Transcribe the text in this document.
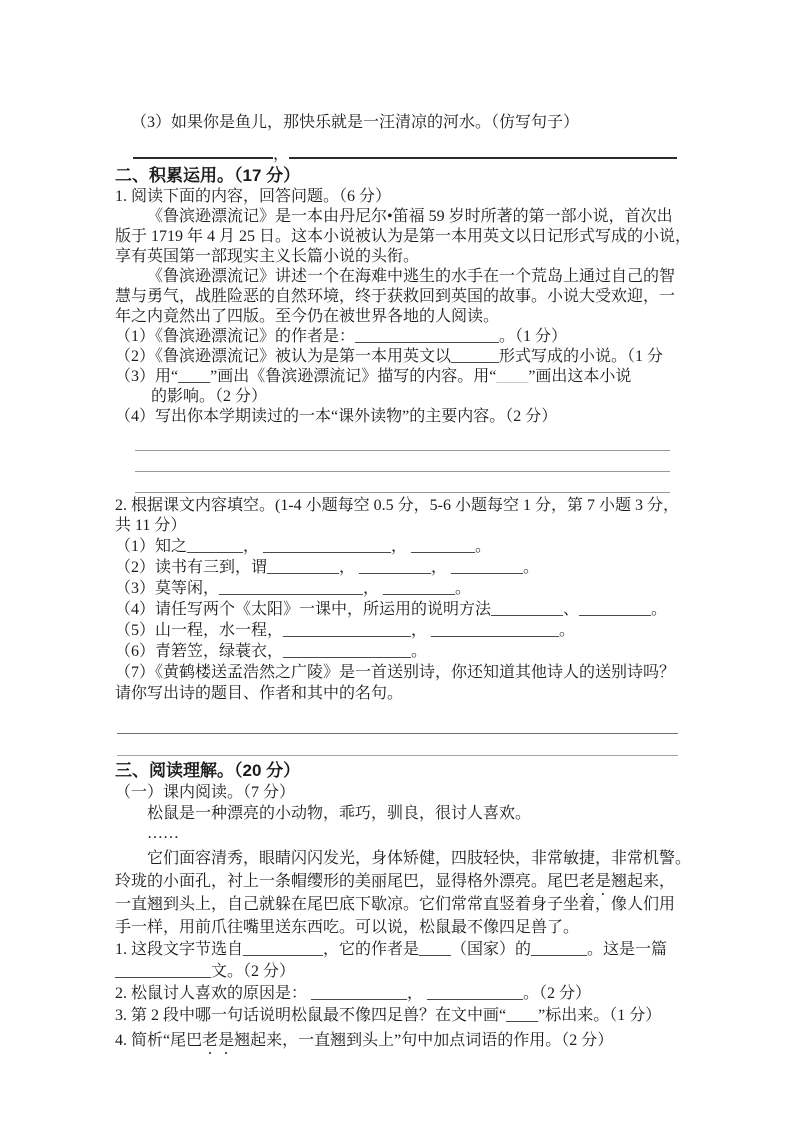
（3）如果你是鱼儿，那快乐就是一汪清凉的河水。（仿写句子）
，
二、积累运用。（17 分）
1. 阅读下面的内容，回答问题。（6 分）
《鲁滨逊漂流记》是一本由丹尼尔•笛福 59 岁时所著的第一部小说，首次出
版于 1719 年 4 月 25 日。这本小说被认为是第一本用英文以日记形式写成的小说，
享有英国第一部现实主义长篇小说的头衔。
《鲁滨逊漂流记》讲述一个在海难中逃生的水手在一个荒岛上通过自己的智
慧与勇气，战胜险恶的自然环境，终于获救回到英国的故事。小说大受欢迎，一
年之内竟然出了四版。至今仍在被世界各地的人阅读。
（1）《鲁滨逊漂流记》的作者是：__________________。（1 分）
（2）《鲁滨逊漂流记》被认为是第一本用英文以______形式写成的小说。（1 分
（3）用“____”画出《鲁滨逊漂流记》描写的内容。用“____”画出这本小说
的影响。（2 分）
（4）写出你本学期读过的一本“课外读物”的主要内容。（2 分）
2. 根据课文内容填空。(1-4 小题每空 0.5 分，5-6 小题每空 1 分，第 7 小题 3 分，
共 11 分）
（1）知之_______， ________________， ________。
（2）读书有三到，谓_________， _________， _________。
（3）莫等闲，__________________， _________。
（4）请任写两个《太阳》一课中，所运用的说明方法_________、_________。
（5）山一程，水一程，________________， ________________。
（6）青箬笠，绿蓑衣，________________。
（7）《黄鹤楼送孟浩然之广陵》是一首送别诗，你还知道其他诗人的送别诗吗？
请你写出诗的题目、作者和其中的名句。
三、阅读理解。（20 分）
（一）课内阅读。（7 分）
松鼠是一种漂亮的小动物，乖巧，驯良，很讨人喜欢。
……
它们面容清秀，眼睛闪闪发光，身体矫健，四肢轻快，非常敏捷，非常机警。
玲珑的小面孔，衬上一条帽缨形的美丽尾巴，显得格外漂亮。尾巴老是翘起来，
一直翘到头上，自己就躲在尾巴底下歇凉。它们常常直竖着身子坐着，像人们用
手一样，用前爪往嘴里送东西吃。可以说，松鼠最不像四足兽了。
1. 这段文字节选自__________，它的作者是____（国家）的_______。这是一篇
____________文。（2 分）
2. 松鼠讨人喜欢的原因是： ____________， ____________。（2 分）
3. 第 2 段中哪一句话说明松鼠最不像四足兽？在文中画“____”标出来。（1 分）
4. 简析“尾巴老是翘起来，一直翘到头上”句中加点词语的作用。（2 分）
